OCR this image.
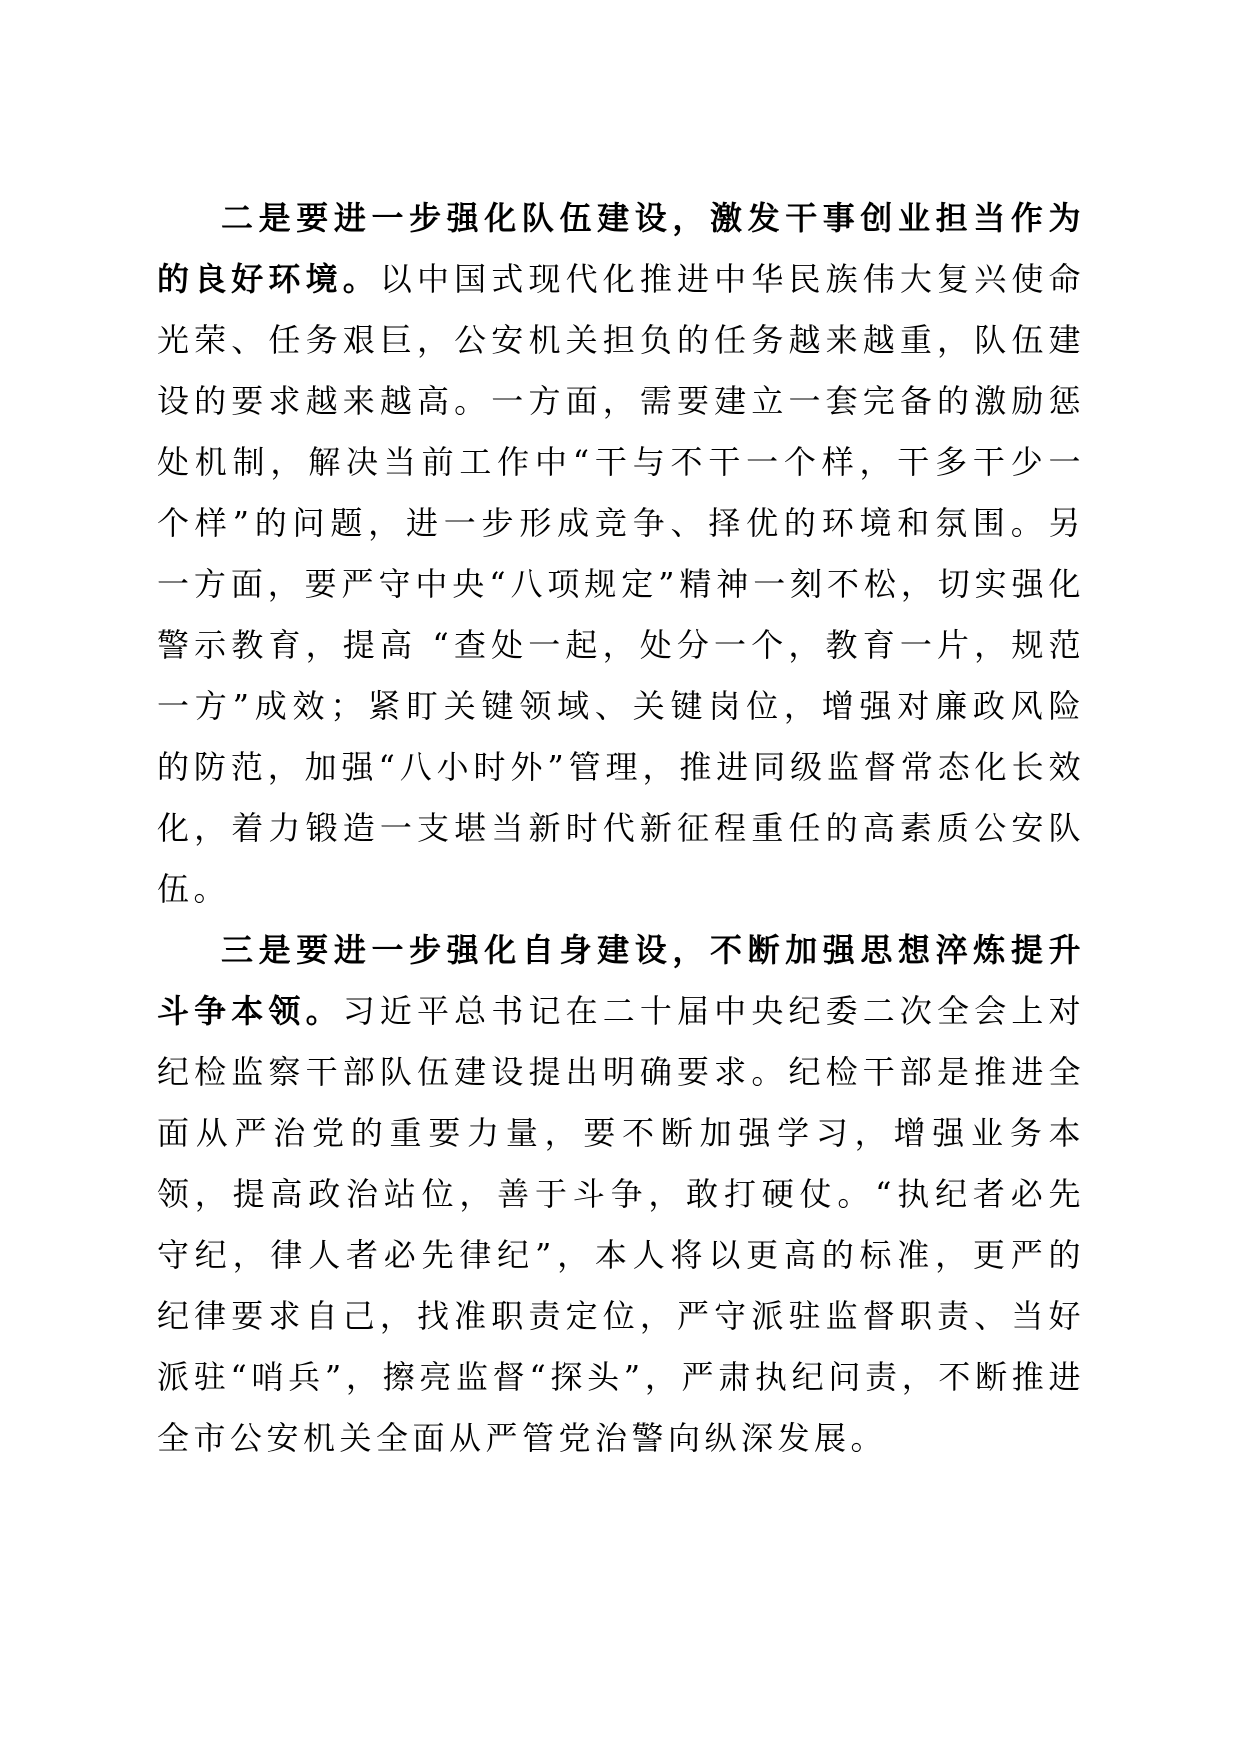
二是要进一步强化队伍建设，激发干事创业担当作为的良好环境。以中国式现代化推进中华民族伟大复兴使命光荣、任务艰巨，公安机关担负的任务越来越重，队伍建设的要求越来越高。一方面，需要建立一套完备的激励惩处机制，解决当前工作中“干与不干一个样，干多干少一个样”的问题，进一步形成竞争、择优的环境和氛围。另一方面，要严守中央“八项规定”精神一刻不松，切实强化警示教育，提高 “查处一起，处分一个，教育一片，规范一方”成效；紧盯关键领域、关键岗位，增强对廉政风险的防范，加强“八小时外”管理，推进同级监督常态化长效化，着力锻造一支堪当新时代新征程重任的高素质公安队伍。

三是要进一步强化自身建设，不断加强思想淬炼提升斗争本领。习近平总书记在二十届中央纪委二次全会上对纪检监察干部队伍建设提出明确要求。纪检干部是推进全面从严治党的重要力量，要不断加强学习，增强业务本领，提高政治站位，善于斗争，敢打硬仗。“执纪者必先守纪，律人者必先律纪”，本人将以更高的标准，更严的纪律要求自己，找准职责定位，严守派驻监督职责、当好派驻“哨兵”，擦亮监督“探头”，严肃执纪问责，不断推进全市公安机关全面从严管党治警向纵深发展。
